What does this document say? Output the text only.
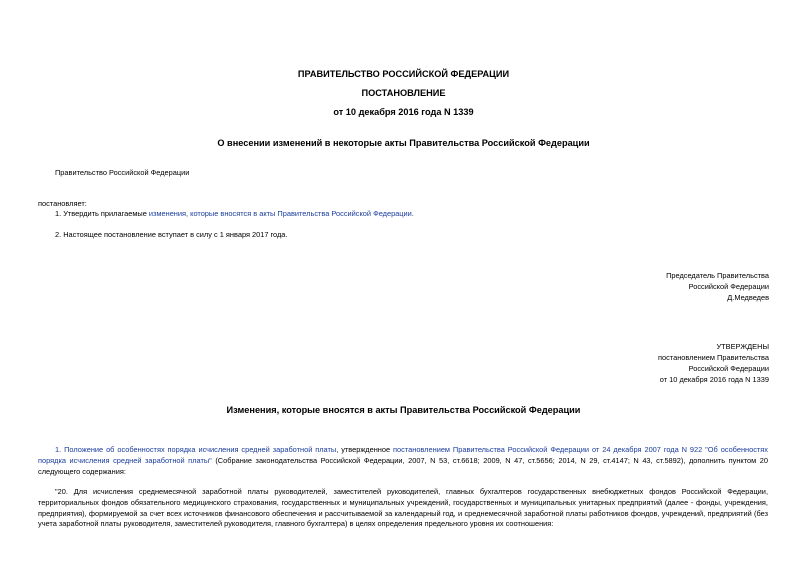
ПРАВИТЕЛЬСТВО РОССИЙСКОЙ ФЕДЕРАЦИИ
ПОСТАНОВЛЕНИЕ
от 10 декабря 2016 года N 1339
О внесении изменений в некоторые акты Правительства Российской Федерации
Правительство Российской Федерации
постановляет:
1. Утвердить прилагаемые изменения, которые вносятся в акты Правительства Российской Федерации.
2. Настоящее постановление вступает в силу с 1 января 2017 года.
Председатель Правительства
Российской Федерации
Д.Медведев
УТВЕРЖДЕНЫ
постановлением Правительства
Российской Федерации
от 10 декабря 2016 года N 1339
Изменения, которые вносятся в акты Правительства Российской Федерации
1. Положение об особенностях порядка исчисления средней заработной платы, утвержденное постановлением Правительства Российской Федерации от 24 декабря 2007 года N 922 "Об особенностях порядка исчисления средней заработной платы" (Собрание законодательства Российской Федерации, 2007, N 53, ст.6618; 2009, N 47, ст.5656; 2014, N 29, ст.4147; N 43, ст.5892), дополнить пунктом 20 следующего содержания:
"20. Для исчисления среднемесячной заработной платы руководителей, заместителей руководителей, главных бухгалтеров государственных внебюджетных фондов Российской Федерации, территориальных фондов обязательного медицинского страхования, государственных и муниципальных учреждений, государственных и муниципальных унитарных предприятий (далее - фонды, учреждения, предприятия), формируемой за счет всех источников финансового обеспечения и рассчитываемой за календарный год, и среднемесячной заработной платы работников фондов, учреждений, предприятий (без учета заработной платы руководителя, заместителей руководителя, главного бухгалтера) в целях определения предельного уровня их соотношения:
